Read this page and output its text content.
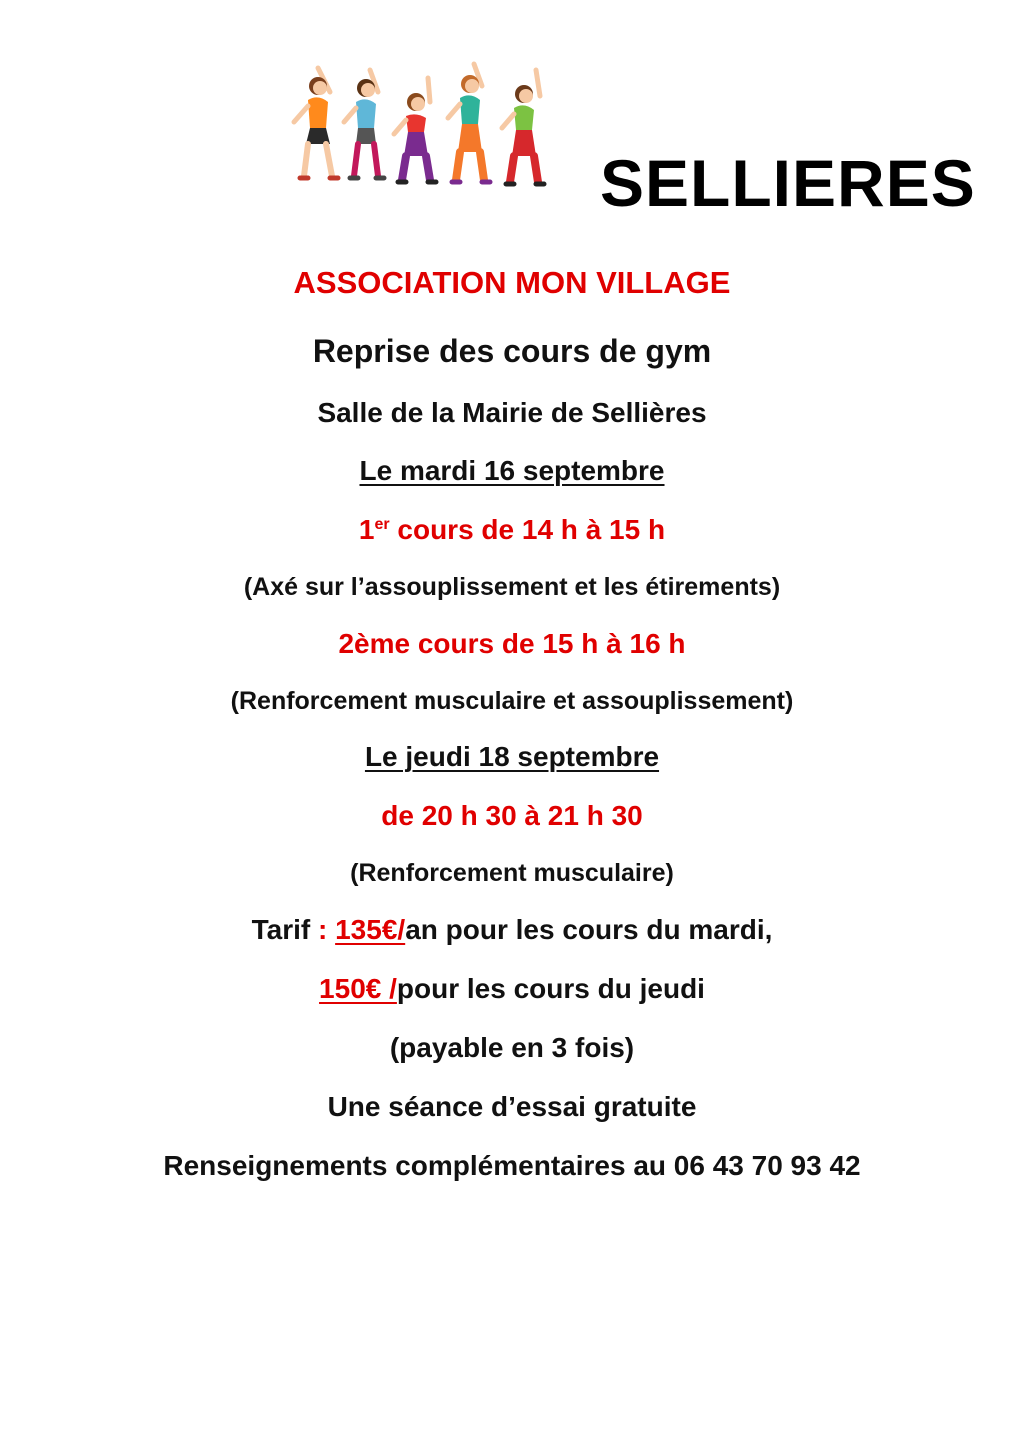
SELLIERES
ASSOCIATION MON VILLAGE
Reprise des cours de gym
Salle de la Mairie de Sellières
Le mardi 16 septembre
1er cours de 14 h à 15 h
(Axé sur l’assouplissement et les étirements)
2ème cours de 15 h à 16 h
(Renforcement musculaire et assouplissement)
Le jeudi 18 septembre
de 20 h 30 à 21 h 30
(Renforcement musculaire)
Tarif : 135€/an pour les cours du mardi,
150€ /pour les cours du jeudi
(payable en 3 fois)
Une séance d’essai gratuite
Renseignements complémentaires au 06 43 70 93 42
